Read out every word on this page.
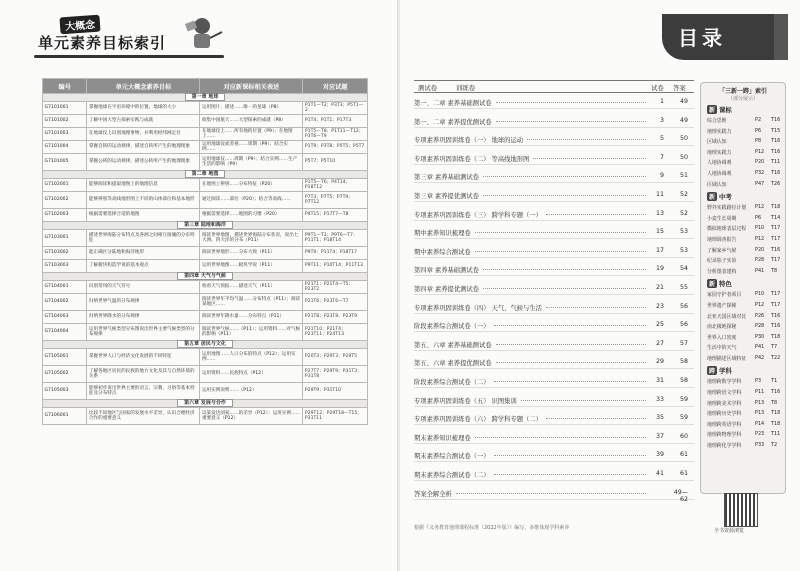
大概念
单元素养目标索引
编号	单元大概念素养目标	对应新课标相关表述	对应试题
第一章 地球			
G7101001	掌握地球在宇宙环境中的位置、地球的大小	运用图片，描述……唯一的星球（P8）	P1T1—T2；P3T3；P5T1—2
G7101002	了解中国大型古探索实践与成就	收集中国航天……大型探索的成就（P8）	P1T4；P1T1；P17T3
G7101003	在地球仪上识别地理事物，并利用经纬网定位	在地球仪上……所有地的位置（P9）；在地图上……	P1T5—T8；P1T11—T12；P3T6—T9
G7101004	掌握自转的运动规律，描述自转所产生的地理现象	运用地球仪或者视……周期（P9）；结合实例……	P1T9；P3T8；P5T5；P5T7
G7101005	掌握公转的运动规律，描述公转所产生的地理现象	运用地球仪……周期（P9）；结合实例……生产生活的影响（P9）	P5T7；P5T10
第二章 地图			
G7102001	能够阅读和提取地图上的地理信息	在地图上辨别……分布特征（P20）	P1T5—T6；P4T14；P18T12
G7102002	能够辨别等高线地形图上不同的山体部位和基本地形	通过阅读……部位（P20）；结合等高线……	P7T3；P7T5；P7T9；P7T12
G7102003	根据需要选择合适的地图	根据需要选择……地图的习惯（P20）	P4T15；P17T7—T8
第三章 陆地和海洋			
G7103001	描述世界海陆分布特点及各洲之间相互接壤的分布特征	阅读世界地图，描述世界海陆分布状况，说出七大洲、四大洋的分布（P11）	P9T1—T3；P9T6—T7；P11T1；P18T14
G7103002	能正确区分陆地和海洋地形	阅读世界地形……分布大致（P11）	P9T9；P11T4；P18T17
G7103003	了解板块构造学说的基本观点	运用世界地图……板块学说（P11）	P9T11；P10T14；P11T13
第四章 天气与气候			
G7104001	识别常用的天气符号	收看天气预报……描述天气（P11）	P21T1；P21T4—T5；P23T2
G7104002	归纳世界气温的分布规律	阅读世界年平均气温……分布特点（P11）；阅读某地区……	P21T6；P23T6—T7
G7104003	归纳世界降水的分布规律	阅读世界年降水量……分布特点（P11）	P21T8；P23T8；P23T9
G7104004	运用世界气候类型分布图说出世界主要气候类型的分布规律	阅读世界气候……（P11）；运用资料……对气候的影响（P11）	P21T10；P21T4；P23T11；P24T13
第五章 居民与文化			
G7105001	掌握世界人口与经济文化发展的不同特征	运用地图……人口分布的特点（P12）；运用实例……	P20T3；P29T3；P29T5
G7105002	了解各地区居民的民族的地方文化及其与自然环境的关系	运用资料……民族特点（P12）	P27T7；P29T9；P31T3；P31T8
G7105003	能够初步说出世界主要的语言、宗教，习俗等基本特征及分布特点	运用实例说明……（P12）	P29T9；P31T10
第六章 发展与合作			
G7106001	比较不同地区与国家的发展水平差异，认识合理经济合作的重要意义	以某发达国家……的差异（P12）；运用实例……重要意义（P12）	P29T12；P29T18—T15；P31T11
目录
测试卷	训练卷	试卷 答案
第一、二章 素养基础测试卷	1	49
第一、二章 素养提优测试卷	3	49
专项素养巩固训练卷（一） 地球的运动	5	50
专项素养巩固训练卷（二） 等高线地形图	7	50
第三章 素养基础测试卷	9	51
第三章 素养提优测试卷	11	52
专项素养巩固训练卷（三） 跨学科专题（一）	13	52
期中素养知识梳理卷	15	53
期中素养综合测试卷	17	53
第四章 素养基础测试卷	19	54
第四章 素养提优测试卷	21	55
专项素养巩固训练卷（四） 天气、气候与生活	23	56
阶段素养综合测试卷（一）	25	56
第五、六章 素养基础测试卷	27	57
第五、六章 素养提优测试卷	29	58
阶段素养综合测试卷（二）	31	58
专项素养巩固训练卷（五） 识图集训	33	59
专项素养巩固训练卷（六） 跨学科专题（二）	35	59
期末素养知识梳理卷	37	60
期末素养综合测试卷（一）	39	61
期末素养综合测试卷（二）	41	61
答案全解全析	49—62
根据《义务教育地理课程标准（2022年版）》编写，多维体现学科素养
「三新一跨」索引
（部分展示）
新 课标
综合思维	P2 T16
地理实践力	P6 T15
区域认知	P8 T16
地理实践力	P12 T16
人地协调观	P20 T11
人地协调观	P32 T16
区域认知	P47 T26
新 中考
野外实践路径计划 P12 T18
小麦生长周期	P6 T14
模拟地球表层过程 P10 T17
地理调查报告	P12 T17
了解家乡气候	P20 T16
纪录影子实验	P28 T17
分析图表建构	P41 T8
新 特色
家园守护者项目	P10 T17
世界遗产探秘	P12 T17
北亚天国区域对比 P26 T16
南北极地探秘	P28 T16
世界入口密度	P30 T18
生活中的天气	P41 T7
地理描述区域特征 P42 T22
跨 学科
地理跨数学学科	P3 T1
地理跨语文学科	P11 T16
地理跨美术学科	P13 T8
地理跨历史学科	P13 T18
地理跨英语学科	P14 T18
地理跨物理学科	P23 T11
地理跨化学学科	P33 T2
全书资源浏览
